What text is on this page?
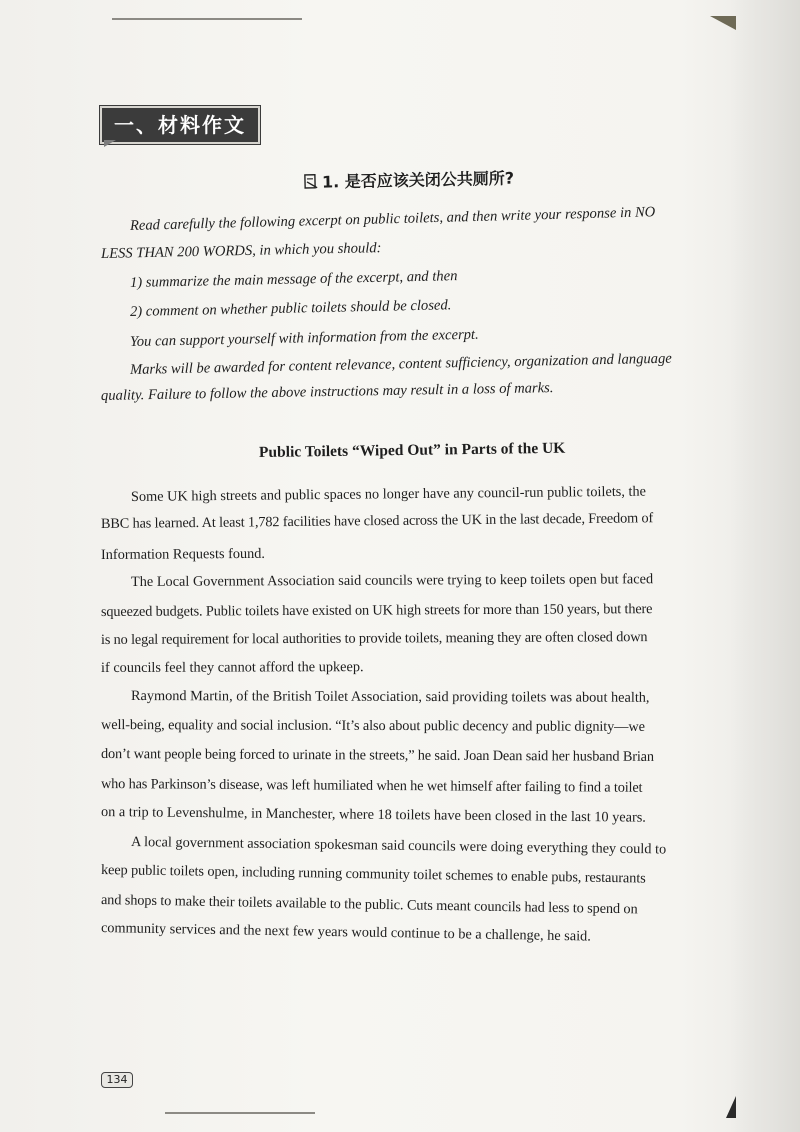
一、材料作文
1. 是否应该关闭公共厕所?
Read carefully the following excerpt on public toilets, and then write your response in NO
LESS THAN 200 WORDS, in which you should:
1) summarize the main message of the excerpt, and then
2) comment on whether public toilets should be closed.
You can support yourself with information from the excerpt.
Marks will be awarded for content relevance, content sufficiency, organization and language
quality. Failure to follow the above instructions may result in a loss of marks.
Public Toilets “Wiped Out” in Parts of the UK
Some UK high streets and public spaces no longer have any council-run public toilets, the
BBC has learned. At least 1,782 facilities have closed across the UK in the last decade, Freedom of
Information Requests found.
The Local Government Association said councils were trying to keep toilets open but faced
squeezed budgets. Public toilets have existed on UK high streets for more than 150 years, but there
is no legal requirement for local authorities to provide toilets, meaning they are often closed down
if councils feel they cannot afford the upkeep.
Raymond Martin, of the British Toilet Association, said providing toilets was about health,
well-being, equality and social inclusion. “It’s also about public decency and public dignity—we
don’t want people being forced to urinate in the streets,” he said. Joan Dean said her husband Brian
who has Parkinson’s disease, was left humiliated when he wet himself after failing to find a toilet
on a trip to Levenshulme, in Manchester, where 18 toilets have been closed in the last 10 years.
A local government association spokesman said councils were doing everything they could to
keep public toilets open, including running community toilet schemes to enable pubs, restaurants
and shops to make their toilets available to the public. Cuts meant councils had less to spend on
community services and the next few years would continue to be a challenge, he said.
134
